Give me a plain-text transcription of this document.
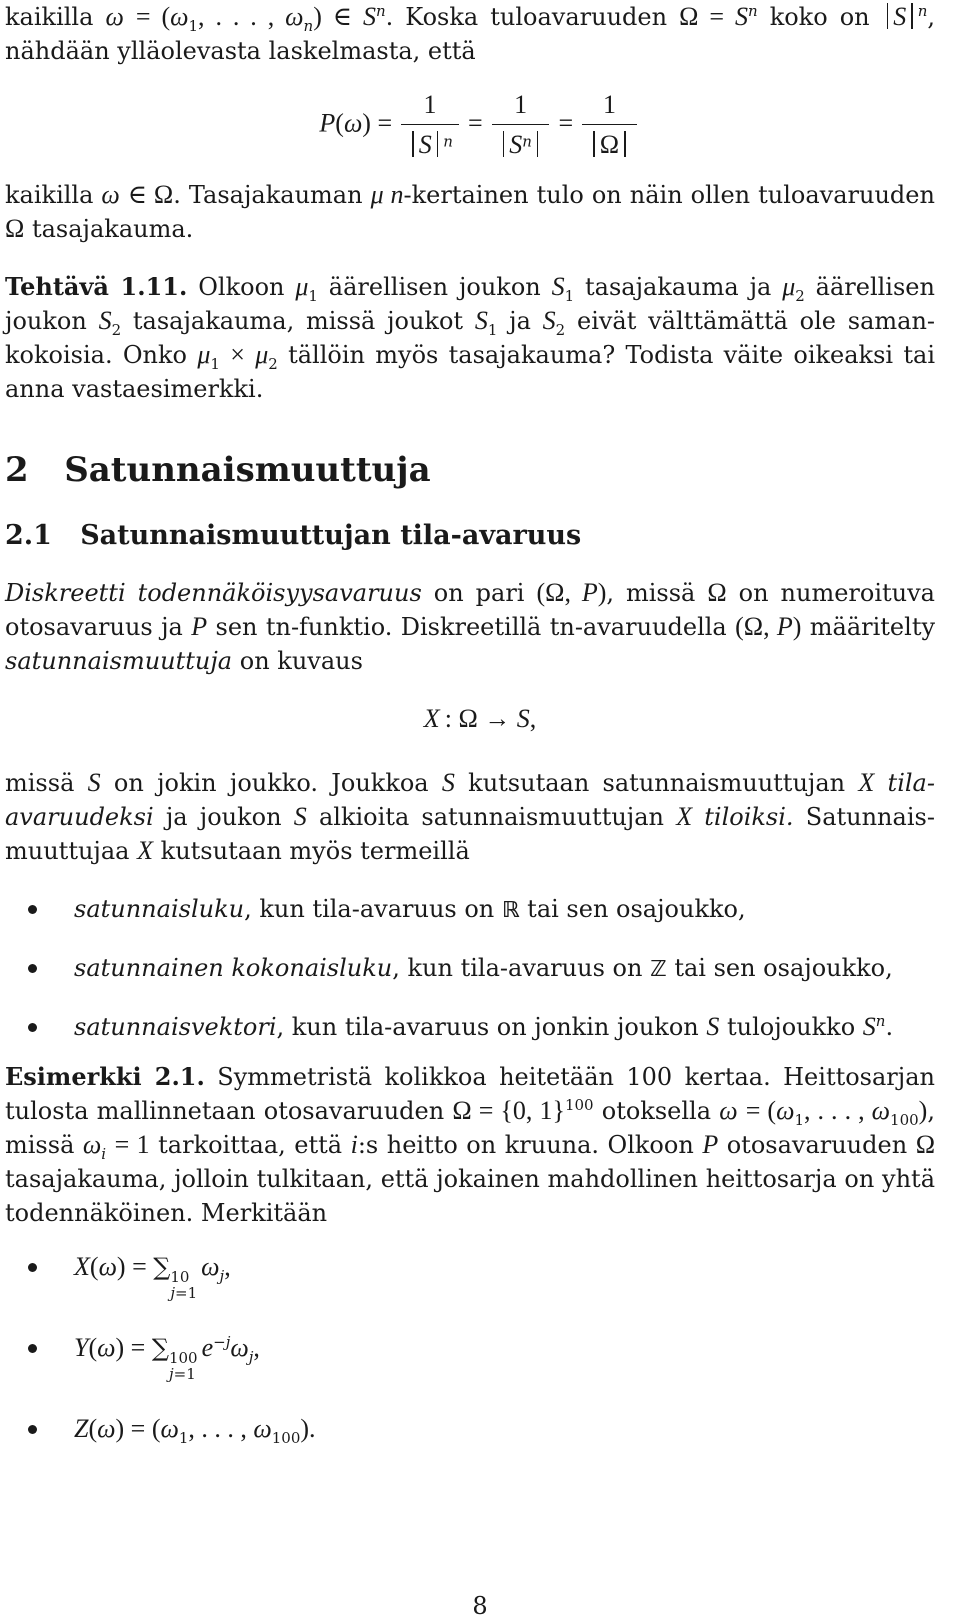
kaikilla $\omega = (\omega_1$, . . . , $\omega_n$) ∈ $S^n$. Koska tuloavaruuden $\Omega = S^n$ koko on S $^n$,

nähdään ylläolevasta laskelmasta, että

$P(\omega) = \frac{1}{S ^n} = \frac{1}{S^n} = \frac{1}{\Omega}$

kaikilla ω ∈ Ω. Tasajakauman μ n-kertainen tulo on näin ollen tuloavaruuden

Ω tasajakauma.

Tehtävä 1.11. Olkoon $\mu_1$ äärellisen joukon $S_1$ tasajakauma ja $\mu_2$ äärellisen joukon $S_2$ tasajakauma, missä joukot $S_1$ ja $S_2$ eivät välttämättä ole saman- kokoisia. Onko $\mu_1 \times \mu_2$ tällöin myös tasajakauma? Todista väite oikeaksi tai anna vastaesimerkki.
2 Satunnaismuuttuja
2.1 Satunnaismuuttujan tila-avaruus
Diskreetti todennäköisyysavaruus on pari (Ω, P), missä Ω on numeroituva otosavaruus ja P sen tn-funktio. Diskreetillä tn-avaruudella (Ω, P) määritelty satunnaismuuttuja on kuvaus
X : Ω → S,
missä S on jokin joukko. Joukkoa S kutsutaan satunnaismuuttujan X tila-avaruudeksi ja joukon S alkioita satunnaismuuttujan X tiloiksi. Satunnais-muuttujaa X kutsutaan myös termeillä
satunnaisluku, kun tila-avaruus on ℝ tai sen osajoukko,
satunnainen kokonaisluku, kun tila-avaruus on ℤ tai sen osajoukko,
satunnaisvektori, kun tila-avaruus on jonkin joukon S tulojoukko $S^n$.
Esimerkki 2.1. Symmetristä kolikkoa heitetään 100 kertaa. Heittosarjan tulosta mallinnetaan otosavaruuden Ω = {0, 1}$^{100}$ otoksella $\omega = (\omega_1$, . . . , $\omega_{100}$), missä $\omega_i = 1$ tarkoittaa, että i:s heitto on kruuna. Olkoon P otosavaruuden Ω tasajakauma, jolloin tulkitaan, että jokainen mahdollinen heittosarja on yhtä todennäköinen. Merkitään
X(ω) = ∑ 10
j=1
$\omega_j$,
Y(ω) = ∑ 100
j=1
$e^{-j}\omega_j$,
$Z(\omega) = (\omega_1$, . . . , $\omega_{100}$).
8
